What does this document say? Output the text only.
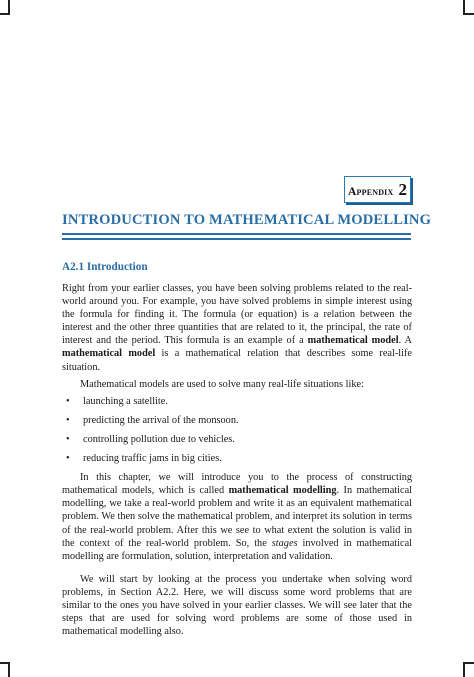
Appendix 2
INTRODUCTION TO MATHEMATICAL MODELLING
A2.1 Introduction

Right from your earlier classes, you have been solving problems related to the real-world around you. For example, you have solved problems in simple interest using the formula for finding it. The formula (or equation) is a relation between the interest and the other three quantities that are related to it, the principal, the rate of interest and the period. This formula is an example of a mathematical model. A mathematical model is a mathematical relation that describes some real-life situation.

Mathematical models are used to solve many real-life situations like:

• launching a satellite.
• predicting the arrival of the monsoon.
• controlling pollution due to vehicles.
• reducing traffic jams in big cities.

In this chapter, we will introduce you to the process of constructing mathematical models, which is called mathematical modelling. In mathematical modelling, we take a real-world problem and write it as an equivalent mathematical problem. We then solve the mathematical problem, and interpret its solution in terms of the real-world problem. After this we see to what extent the solution is valid in the context of the real-world problem. So, the stages involved in mathematical modelling are formulation, solution, interpretation and validation.

We will start by looking at the process you undertake when solving word problems, in Section A2.2. Here, we will discuss some word problems that are similar to the ones you have solved in your earlier classes. We will see later that the steps that are used for solving word problems are some of those used in mathematical modelling also.
